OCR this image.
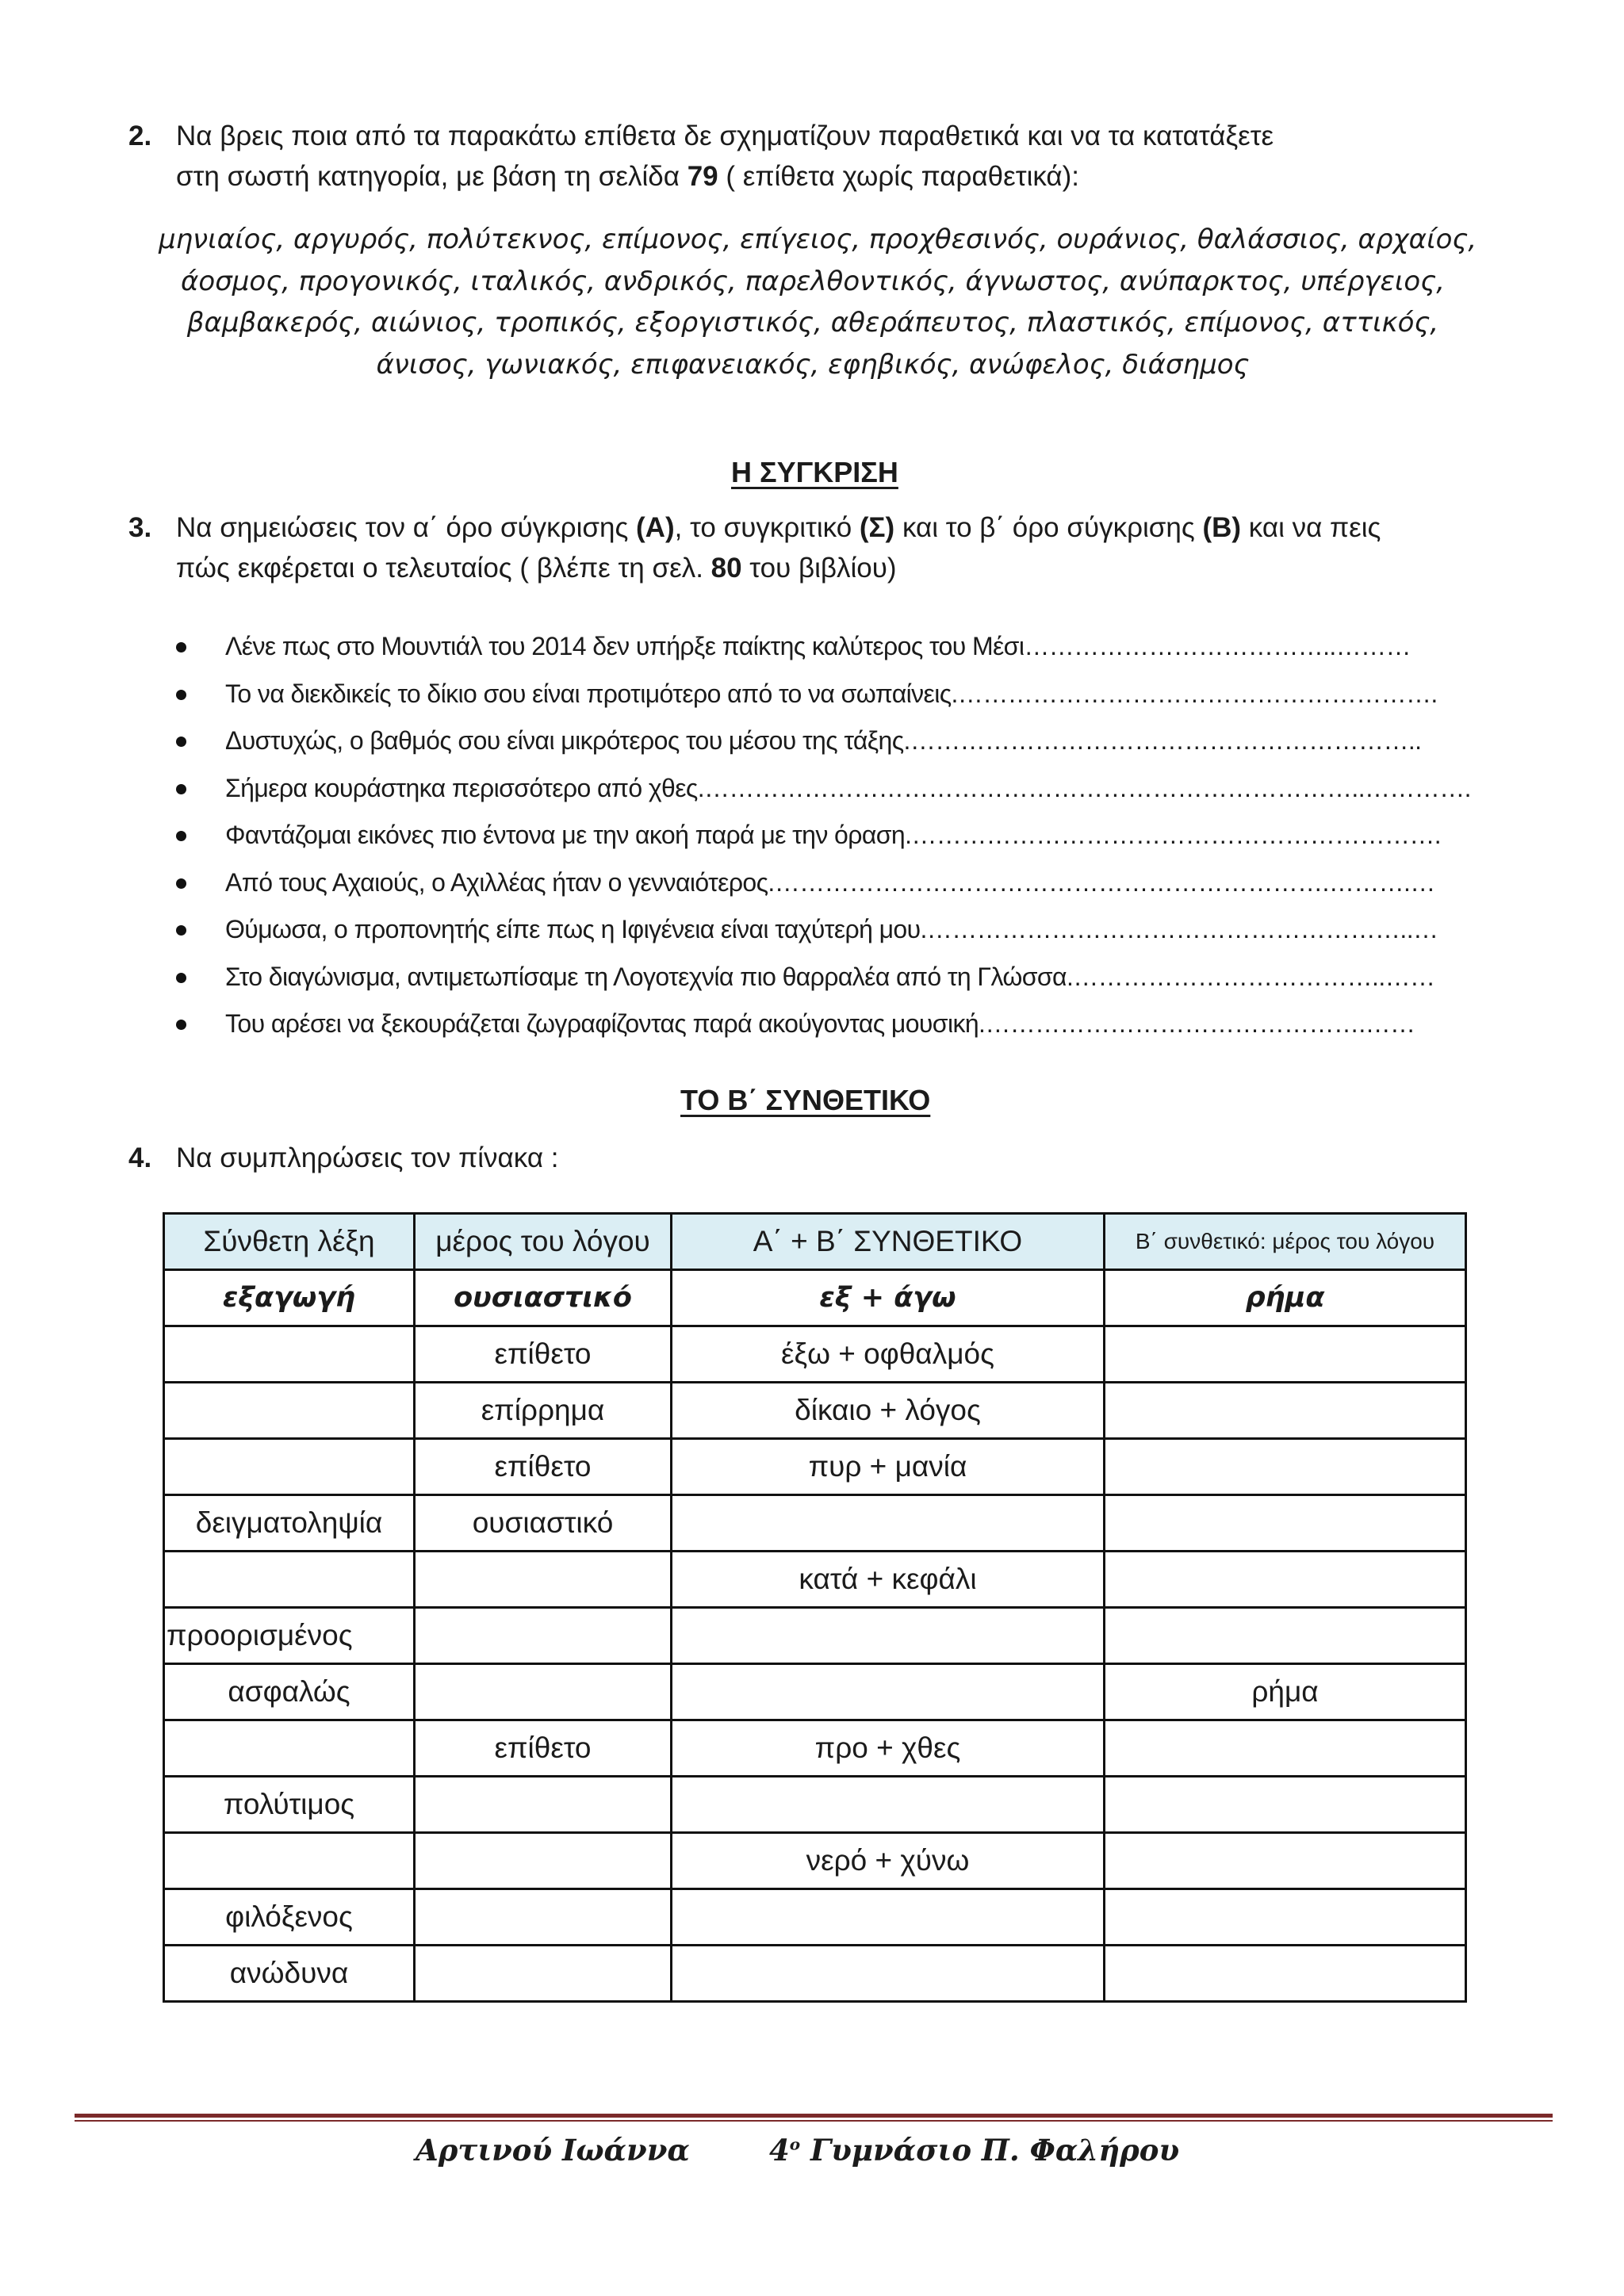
2. Να βρεις ποια από τα παρακάτω επίθετα δε σχηματίζουν παραθετικά και να τα κατατάξετε
στη σωστή κατηγορία, με βάση τη σελίδα 79 ( επίθετα χωρίς παραθετικά):
μηνιαίος, αργυρός, πολύτεκνος, επίμονος, επίγειος, προχθεσινός, ουράνιος, θαλάσσιος, αρχαίος,
άοσμος, προγονικός, ιταλικός, ανδρικός, παρελθοντικός, άγνωστος, ανύπαρκτος, υπέργειος,
βαμβακερός, αιώνιος, τροπικός, εξοργιστικός, αθεράπευτος, πλαστικός, επίμονος, αττικός,
άνισος, γωνιακός, επιφανειακός, εφηβικός, ανώφελος, διάσημος
Η ΣΥΓΚΡΙΣΗ
3. Να σημειώσεις τον α΄ όρο σύγκρισης (Α), το συγκριτικό (Σ) και το β΄ όρο σύγκρισης (Β) και να πεις
πώς εκφέρεται ο τελευταίος ( βλέπε τη σελ. 80 του βιβλίου)
Λένε πως στο Μουντιάλ του 2014 δεν υπήρξε παίκτης καλύτερος του Μέσι………………………………..………
Το να διεκδικείς το δίκιο σου είναι προτιμότερο από το να σωπαίνεις.………………………………………………….
Δυστυχώς, ο βαθμός σου είναι μικρότερος του μέσου της τάξης.……………………………………………………..
Σήμερα κουράστηκα περισσότερο από χθες.……………………………………………………………………..………….
Φαντάζομαι εικόνες πιο έντονα με την ακοή παρά με την όραση.……………………………………………………….
Από τους Αχαιούς, ο Αχιλλέας ήταν ο γενναιότερος.………………………………………………………….……….…
Θύμωσα, ο προπονητής είπε πως η Ιφιγένεια είναι ταχύτερή μου.…………………………………………………..…
Στο διαγώνισμα, αντιμετωπίσαμε τη Λογοτεχνία πιο θαρραλέα από τη Γλώσσα.………………………………..……
Του αρέσει να ξεκουράζεται ζωγραφίζοντας παρά ακούγοντας μουσική.……………………………………….……
ΤΟ Β΄ ΣΥΝΘΕΤΙΚΟ
4. Να συμπληρώσεις τον πίνακα :
Σύνθετη λέξη	μέρος του λόγου	Α΄ + Β΄ ΣΥΝΘΕΤΙΚΟ	Β΄ συνθετικό: μέρος του λόγου
εξαγωγή	ουσιαστικό	εξ + άγω	ρήμα
	επίθετο	έξω + οφθαλμός	
	επίρρημα	δίκαιο + λόγος	
	επίθετο	πυρ + μανία	
δειγματοληψία	ουσιαστικό		
		κατά + κεφάλι	
προορισμένος			
ασφαλώς			ρήμα
	επίθετο	προ + χθες	
πολύτιμος			
		νερό + χύνω	
φιλόξενος			
ανώδυνα			
Αρτινού Ιωάννα	$4^o$ Γυμνάσιο Π. Φαλήρου
